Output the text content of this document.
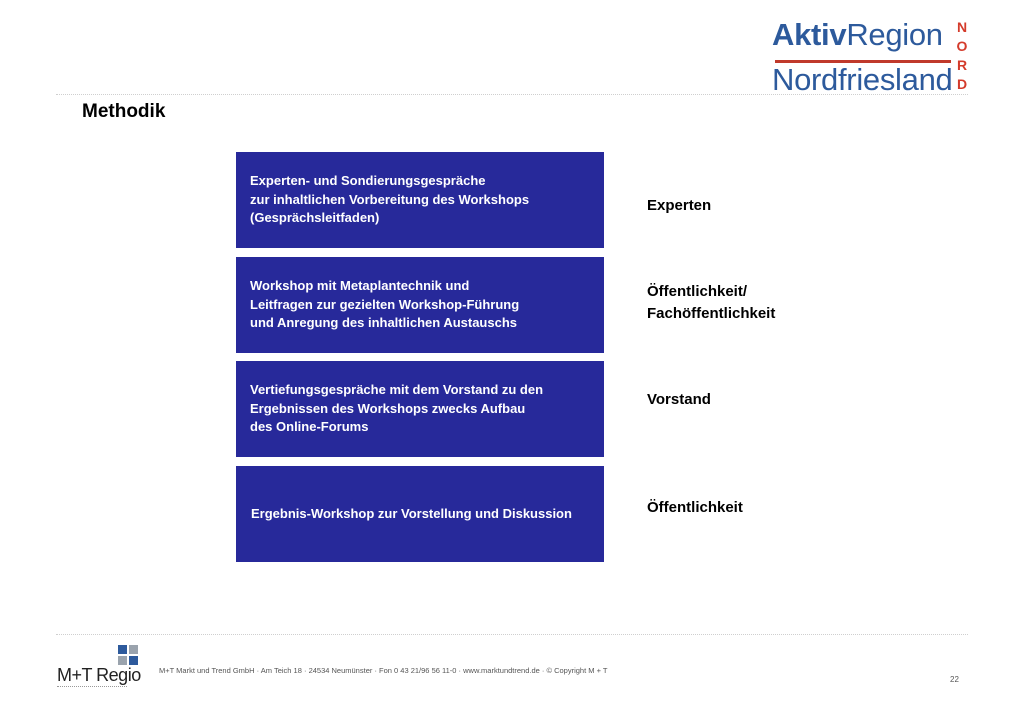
AktivRegion
Nordfriesland
N
O
R
D
Methodik
Experten- und Sondierungsgespräche
zur inhaltlichen Vorbereitung des Workshops
(Gesprächsleitfaden)
Experten
Workshop mit Metaplantechnik und
Leitfragen zur gezielten Workshop-Führung
und Anregung des inhaltlichen Austauschs
Öffentlichkeit/
Fachöffentlichkeit
Vertiefungsgespräche mit dem Vorstand zu den
Ergebnissen des Workshops zwecks Aufbau
des Online-Forums
Vorstand
Ergebnis-Workshop zur Vorstellung und Diskussion	Öffentlichkeit
M+T Regio M+T Markt und Trend GmbH · Am Teich 18 · 24534 Neumünster · Fon 0 43 21/96 56 11-0 · www.marktundtrend.de · © Copyright M + T
22
